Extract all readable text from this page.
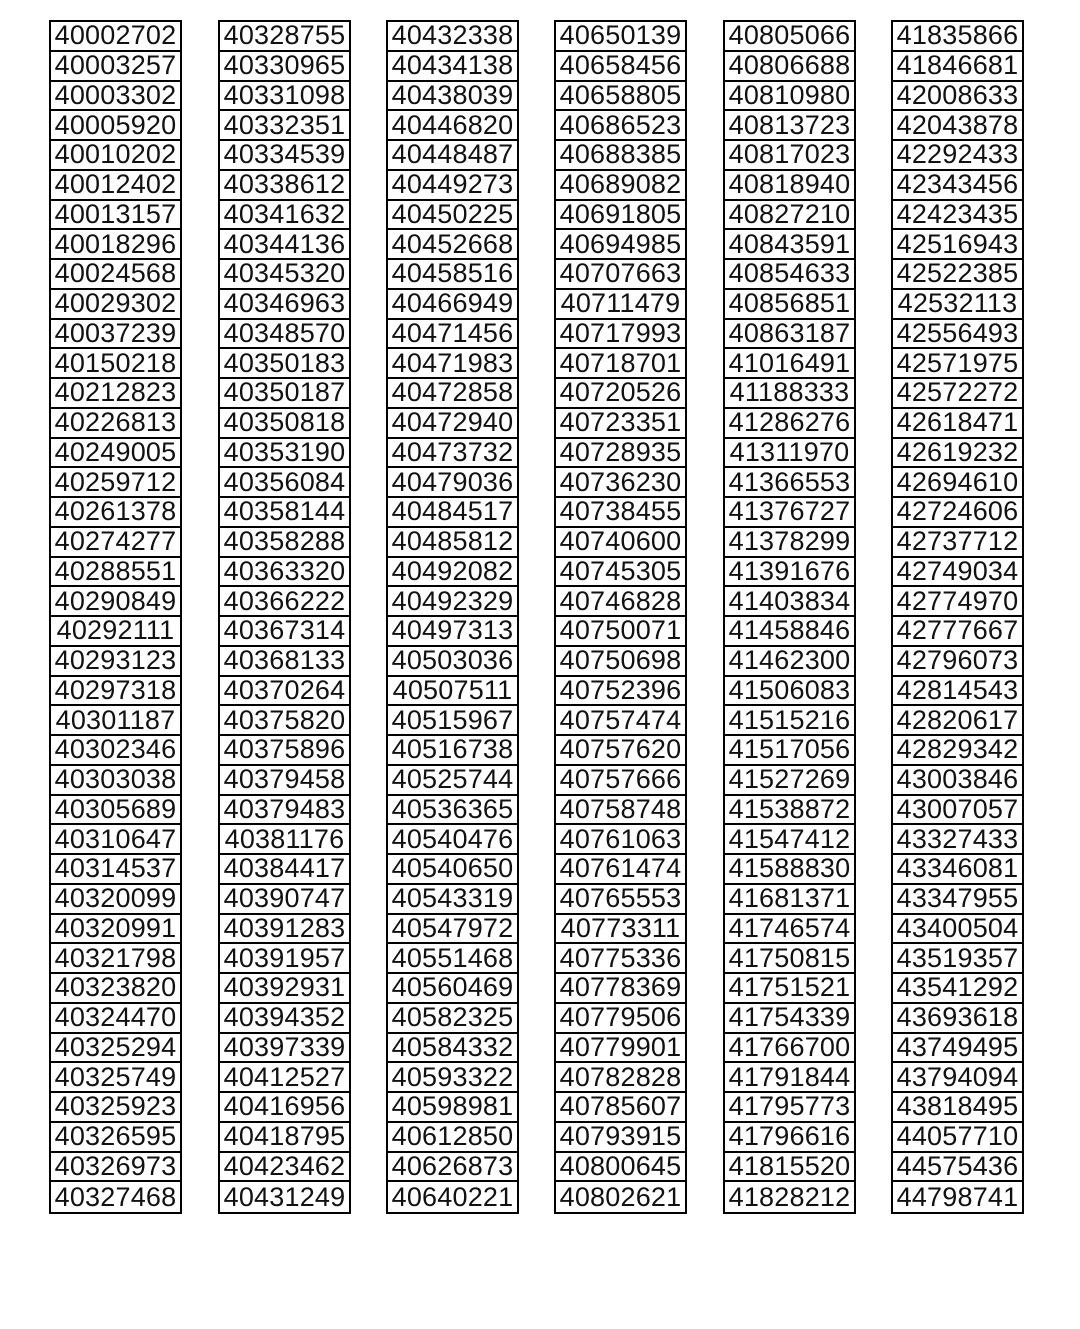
40002702
40003257
40003302
40005920
40010202
40012402
40013157
40018296
40024568
40029302
40037239
40150218
40212823
40226813
40249005
40259712
40261378
40274277
40288551
40290849
40292111
40293123
40297318
40301187
40302346
40303038
40305689
40310647
40314537
40320099
40320991
40321798
40323820
40324470
40325294
40325749
40325923
40326595
40326973
40327468
40328755
40330965
40331098
40332351
40334539
40338612
40341632
40344136
40345320
40346963
40348570
40350183
40350187
40350818
40353190
40356084
40358144
40358288
40363320
40366222
40367314
40368133
40370264
40375820
40375896
40379458
40379483
40381176
40384417
40390747
40391283
40391957
40392931
40394352
40397339
40412527
40416956
40418795
40423462
40431249
40432338
40434138
40438039
40446820
40448487
40449273
40450225
40452668
40458516
40466949
40471456
40471983
40472858
40472940
40473732
40479036
40484517
40485812
40492082
40492329
40497313
40503036
40507511
40515967
40516738
40525744
40536365
40540476
40540650
40543319
40547972
40551468
40560469
40582325
40584332
40593322
40598981
40612850
40626873
40640221
40650139
40658456
40658805
40686523
40688385
40689082
40691805
40694985
40707663
40711479
40717993
40718701
40720526
40723351
40728935
40736230
40738455
40740600
40745305
40746828
40750071
40750698
40752396
40757474
40757620
40757666
40758748
40761063
40761474
40765553
40773311
40775336
40778369
40779506
40779901
40782828
40785607
40793915
40800645
40802621
40805066
40806688
40810980
40813723
40817023
40818940
40827210
40843591
40854633
40856851
40863187
41016491
41188333
41286276
41311970
41366553
41376727
41378299
41391676
41403834
41458846
41462300
41506083
41515216
41517056
41527269
41538872
41547412
41588830
41681371
41746574
41750815
41751521
41754339
41766700
41791844
41795773
41796616
41815520
41828212
41835866
41846681
42008633
42043878
42292433
42343456
42423435
42516943
42522385
42532113
42556493
42571975
42572272
42618471
42619232
42694610
42724606
42737712
42749034
42774970
42777667
42796073
42814543
42820617
42829342
43003846
43007057
43327433
43346081
43347955
43400504
43519357
43541292
43693618
43749495
43794094
43818495
44057710
44575436
44798741
